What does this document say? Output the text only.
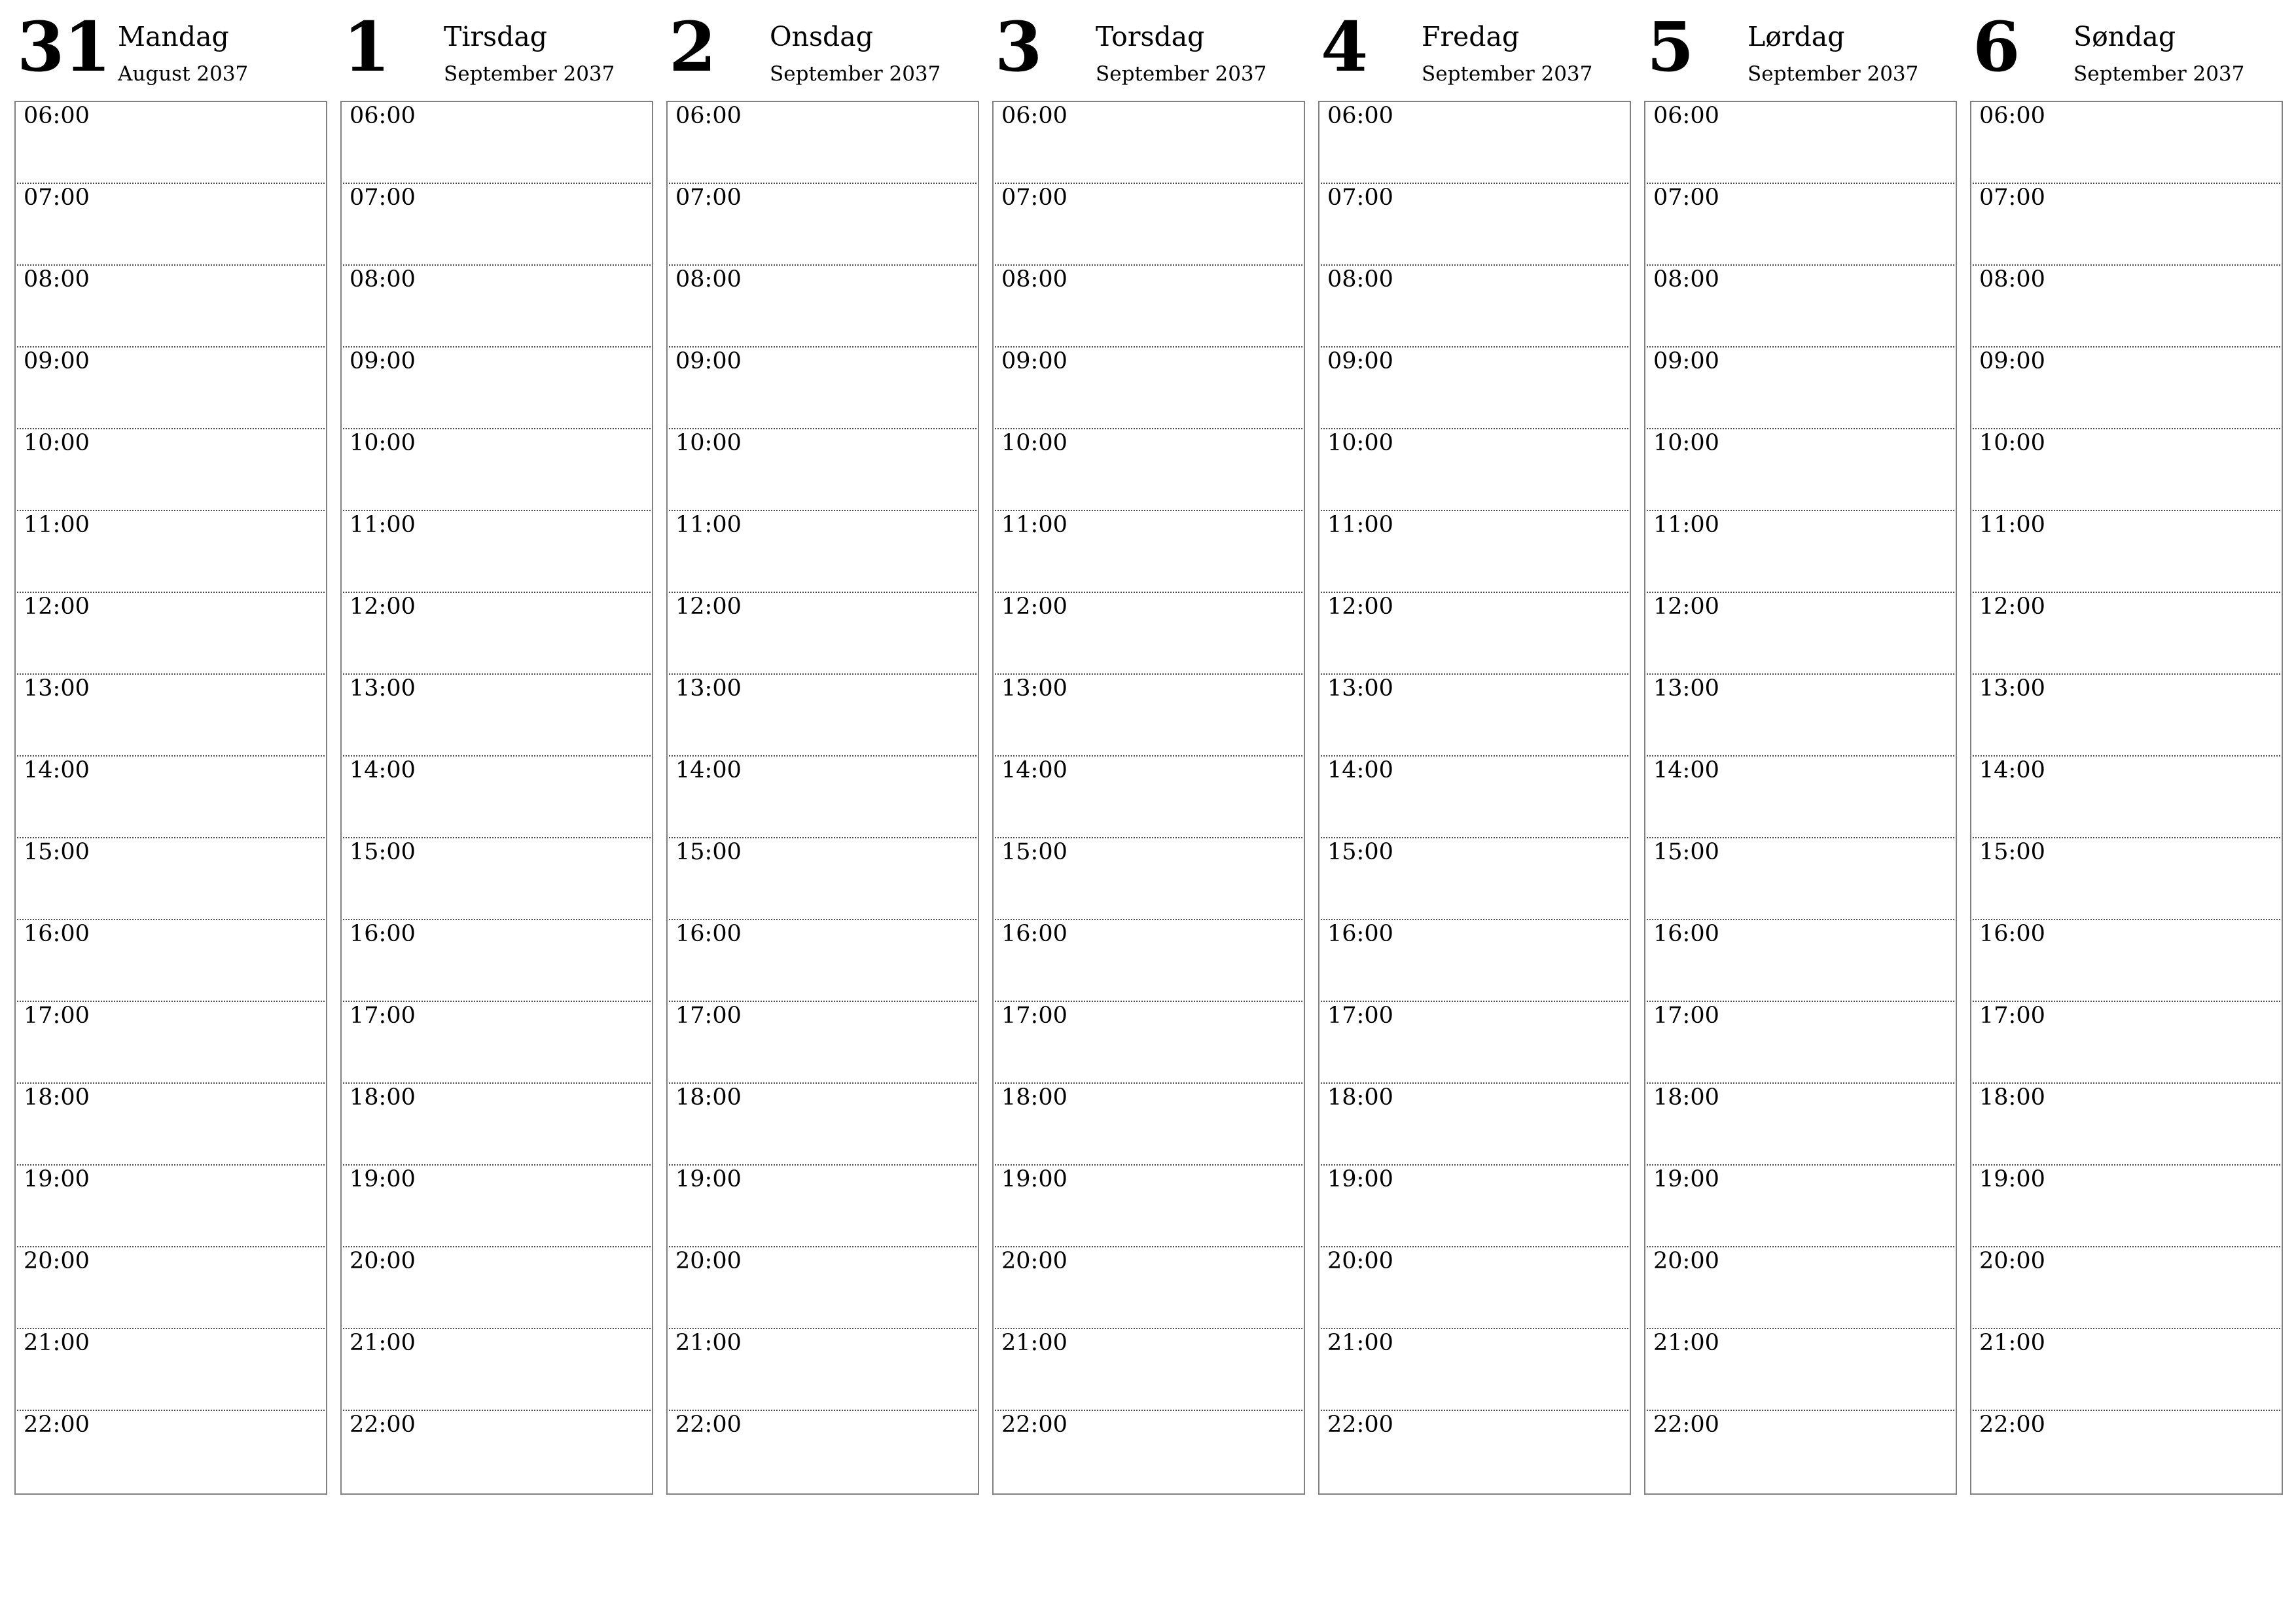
31 Mandag
August 2037
06:00
07:00
08:00
09:00
10:00
11:00
12:00
13:00
14:00
15:00
16:00
17:00
18:00
19:00
20:00
21:00
22:00
1 Tirsdag
September 2037
06:00
07:00
08:00
09:00
10:00
11:00
12:00
13:00
14:00
15:00
16:00
17:00
18:00
19:00
20:00
21:00
22:00
2 Onsdag
September 2037
06:00
07:00
08:00
09:00
10:00
11:00
12:00
13:00
14:00
15:00
16:00
17:00
18:00
19:00
20:00
21:00
22:00
3 Torsdag
September 2037
06:00
07:00
08:00
09:00
10:00
11:00
12:00
13:00
14:00
15:00
16:00
17:00
18:00
19:00
20:00
21:00
22:00
4 Fredag
September 2037
06:00
07:00
08:00
09:00
10:00
11:00
12:00
13:00
14:00
15:00
16:00
17:00
18:00
19:00
20:00
21:00
22:00
5 Lørdag
September 2037
06:00
07:00
08:00
09:00
10:00
11:00
12:00
13:00
14:00
15:00
16:00
17:00
18:00
19:00
20:00
21:00
22:00
6 Søndag
September 2037
06:00
07:00
08:00
09:00
10:00
11:00
12:00
13:00
14:00
15:00
16:00
17:00
18:00
19:00
20:00
21:00
22:00
